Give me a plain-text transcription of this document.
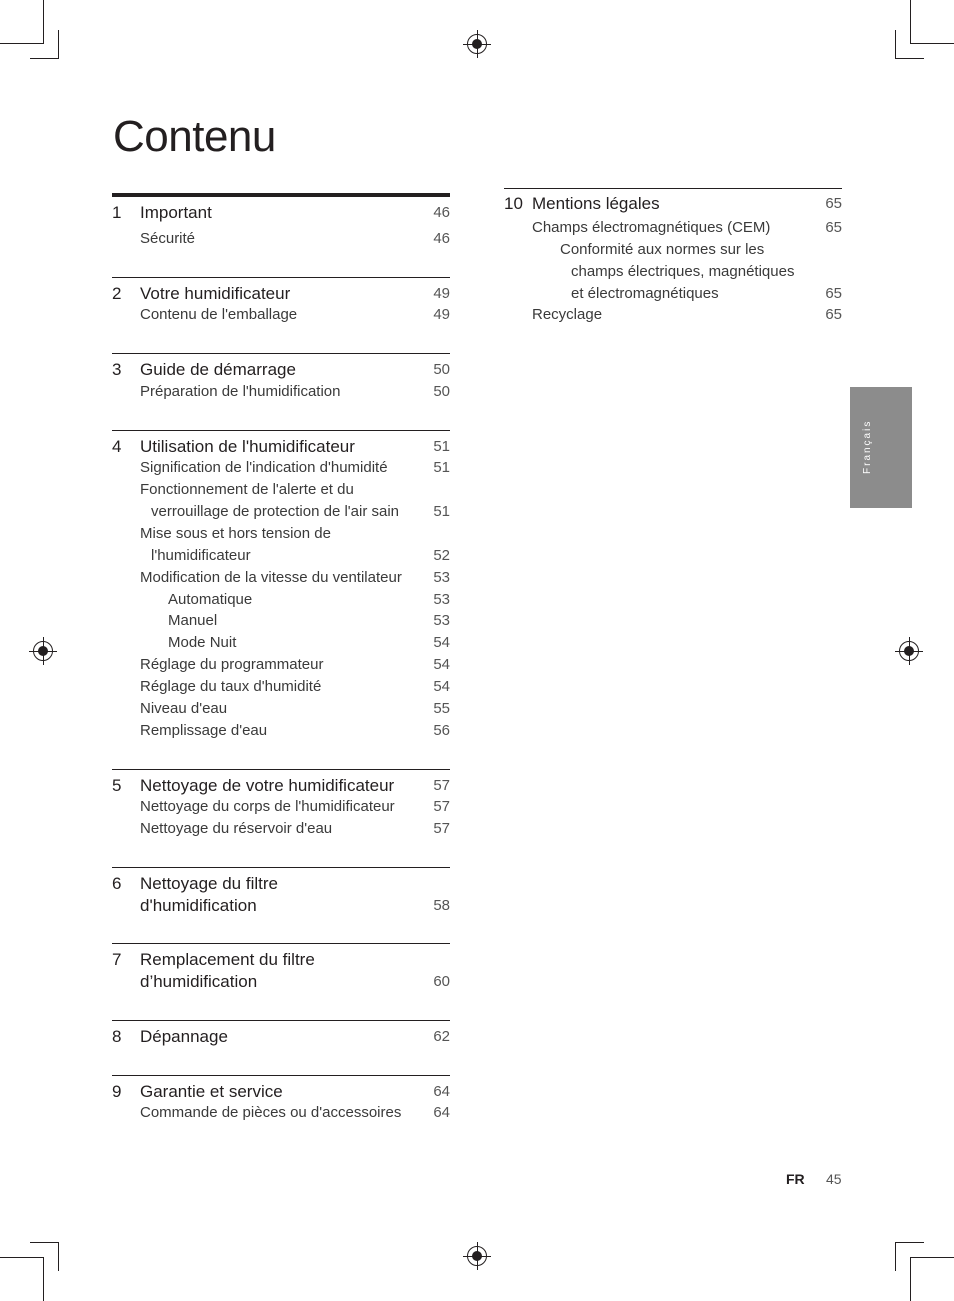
Contenu
1 Important	46
Sécurité	46
2 Votre humidificateur	49
Contenu de l'emballage	49
3 Guide de démarrage	50
Préparation de l'humidification	50
4 Utilisation de l'humidificateur	51
Signification de l'indication d'humidité	51
Fonctionnement de l'alerte et du
verrouillage de protection de l'air sain	51
Mise sous et hors tension de
l'humidificateur	52
Modification de la vitesse du ventilateur	53
Automatique	53
Manuel	53
Mode Nuit	54
Réglage du programmateur	54
Réglage du taux d'humidité	54
Niveau d'eau	55
Remplissage d'eau	56
5 Nettoyage de votre humidificateur	57
Nettoyage du corps de l'humidificateur	57
Nettoyage du réservoir d'eau	57
6 Nettoyage du filtre
d'humidification	58
7 Remplacement du filtre
d’humidification	60
8 Dépannage	62
9 Garantie et service	64
Commande de pièces ou d'accessoires	64
10 Mentions légales	65
Champs électromagnétiques (CEM)	65
Conformité aux normes sur les
champs électriques, magnétiques
et électromagnétiques	65
Recyclage	65
Français
FR 45
